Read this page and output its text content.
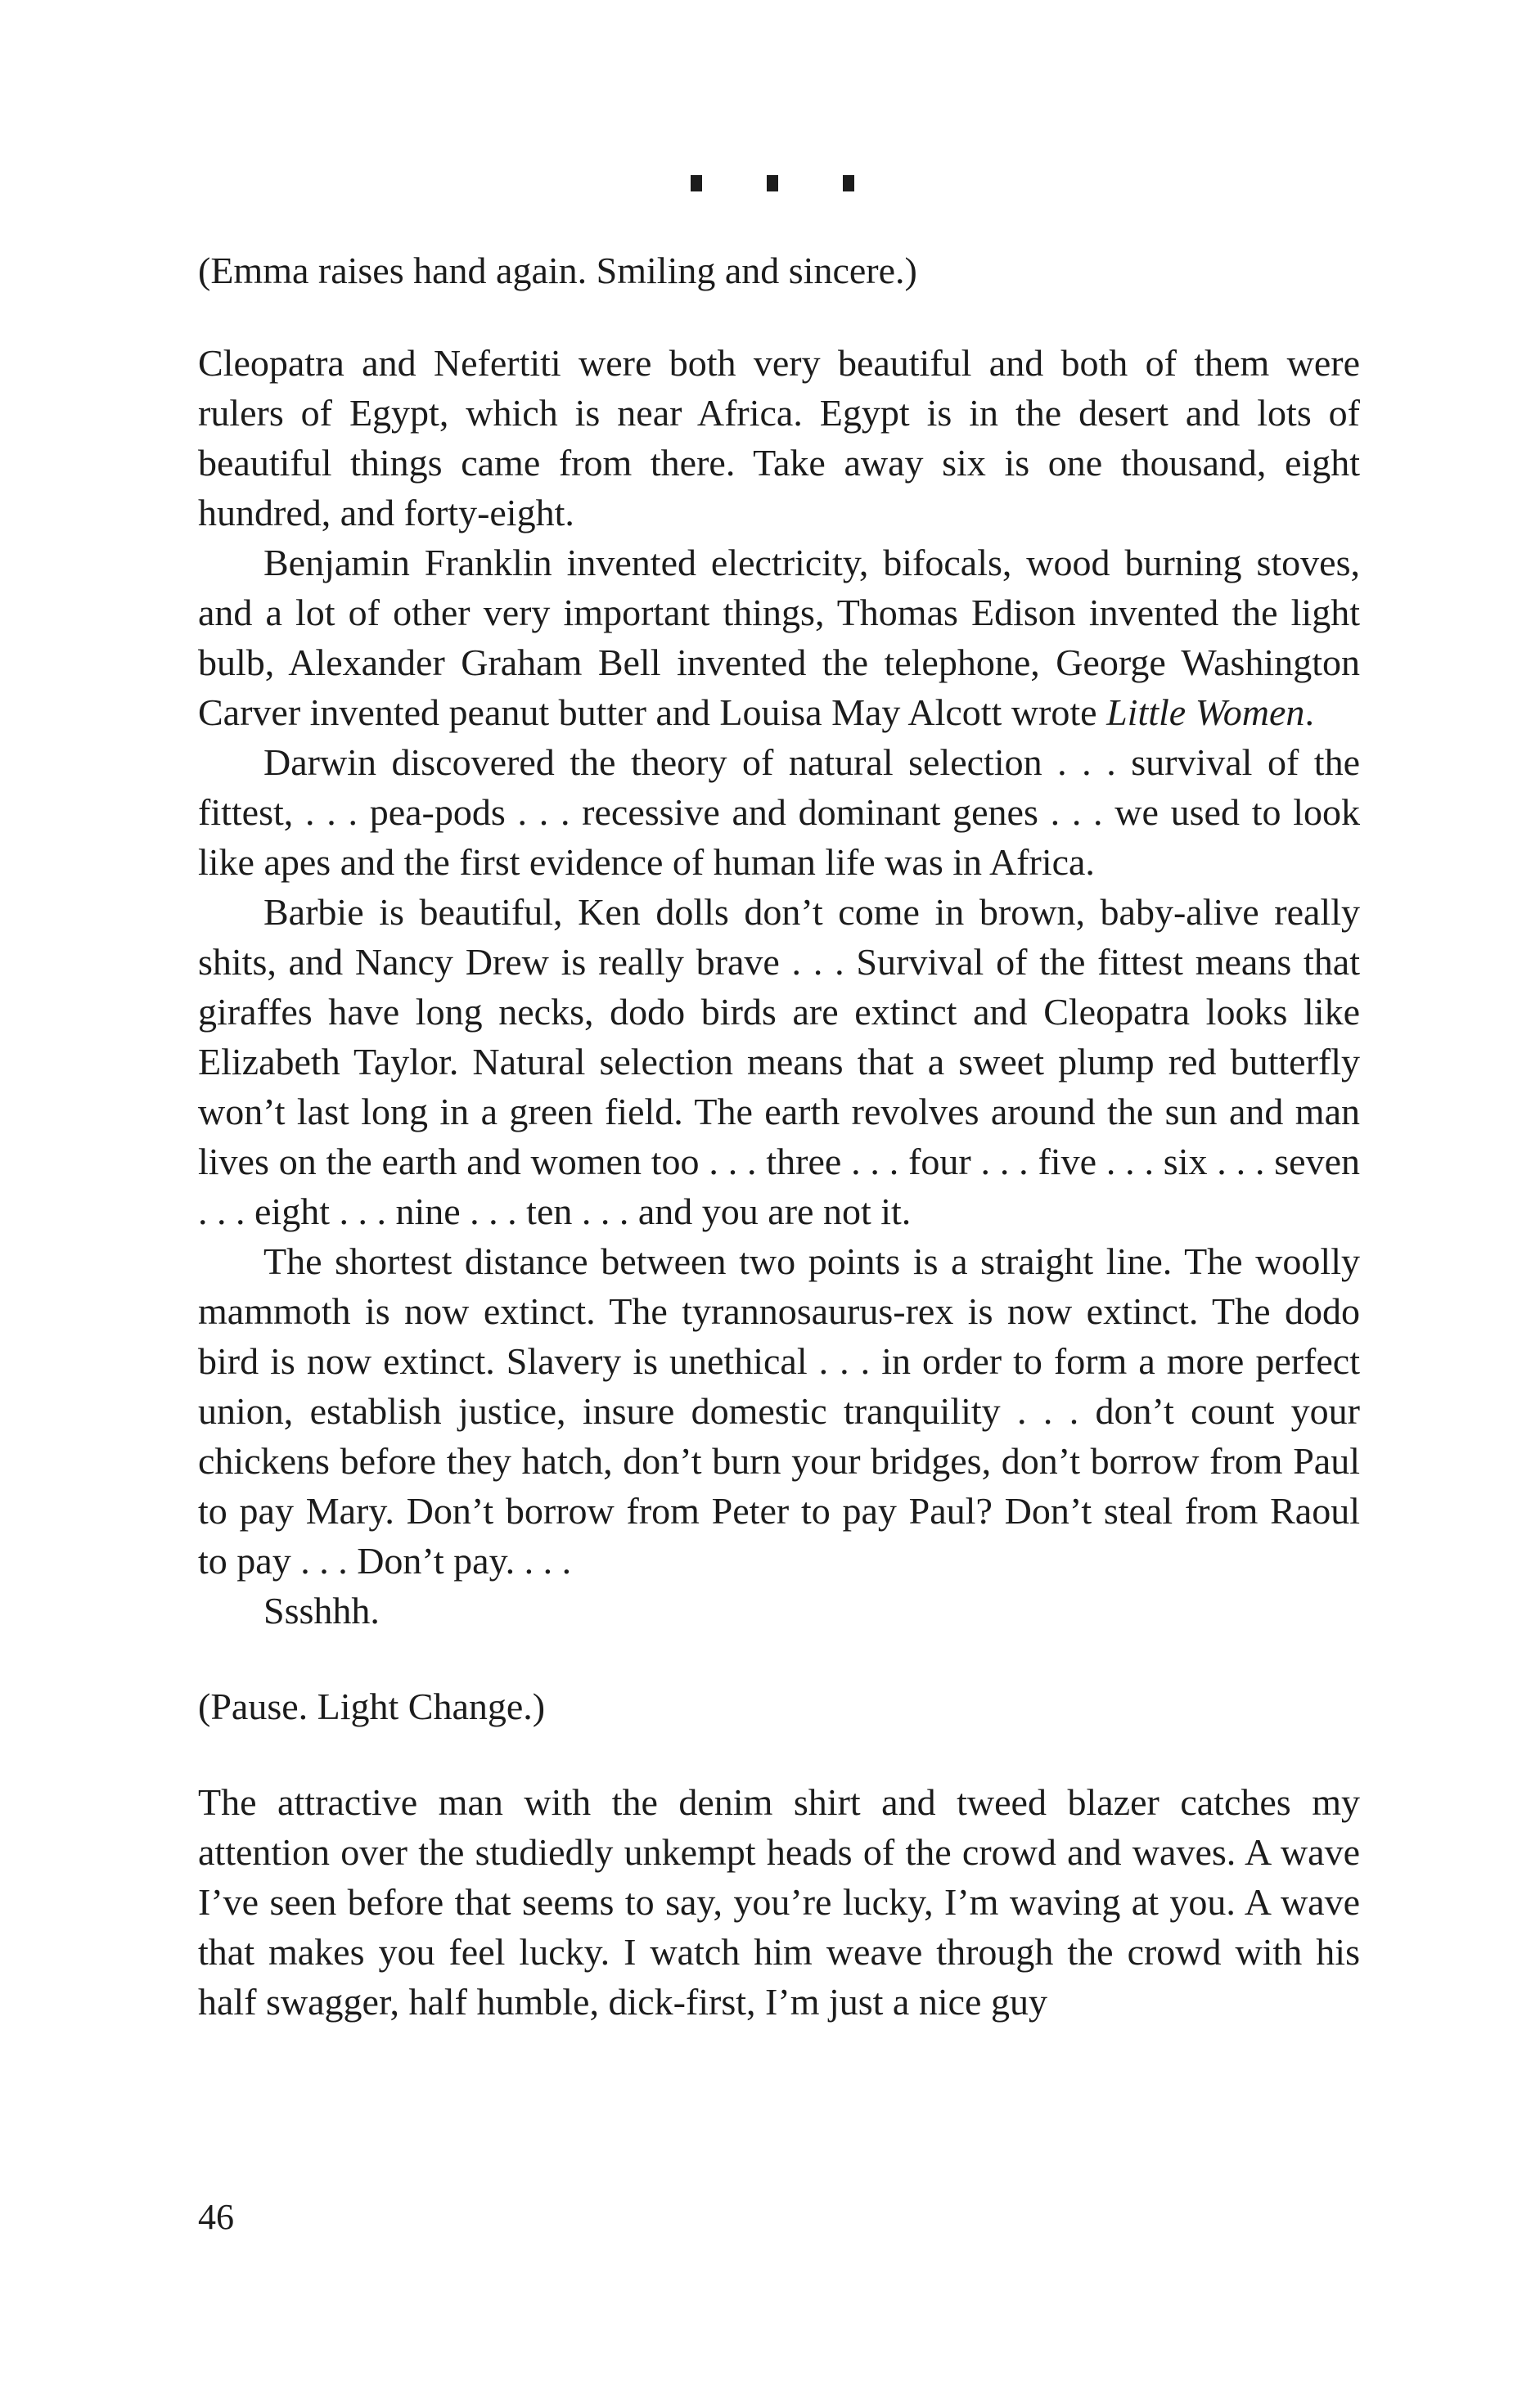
(Emma raises hand again. Smiling and sincere.)

Cleopatra and Nefertiti were both very beautiful and both of them were rulers of Egypt, which is near Africa. Egypt is in the desert and lots of beautiful things came from there. Take away six is one thousand, eight hundred, and forty-eight.

Benjamin Franklin invented electricity, bifocals, wood burning stoves, and a lot of other very important things, Thomas Edison invented the light bulb, Alexander Graham Bell invented the telephone, George Washington Carver invented peanut butter and Louisa May Alcott wrote Little Women.

Darwin discovered the theory of natural selection . . . survival of the fittest, . . . pea-pods . . . recessive and dominant genes . . . we used to look like apes and the first evidence of human life was in Africa.

Barbie is beautiful, Ken dolls don’t come in brown, baby-alive really shits, and Nancy Drew is really brave . . . Survival of the fittest means that giraffes have long necks, dodo birds are extinct and Cleopatra looks like Elizabeth Taylor. Natural selection means that a sweet plump red butterfly won’t last long in a green field. The earth revolves around the sun and man lives on the earth and women too . . . three . . . four . . . five . . . six . . . seven . . . eight . . . nine . . . ten . . . and you are not it.

The shortest distance between two points is a straight line. The woolly mammoth is now extinct. The tyrannosaurus-rex is now extinct. The dodo bird is now extinct. Slavery is unethical . . . in order to form a more perfect union, establish justice, insure domestic tranquility . . . don’t count your chickens before they hatch, don’t burn your bridges, don’t borrow from Paul to pay Mary. Don’t borrow from Peter to pay Paul? Don’t steal from Raoul to pay . . . Don’t pay. . . .

Ssshhh.

(Pause. Light Change.)

The attractive man with the denim shirt and tweed blazer catches my attention over the studiedly unkempt heads of the crowd and waves. A wave I’ve seen before that seems to say, you’re lucky, I’m waving at you. A wave that makes you feel lucky. I watch him weave through the crowd with his half swagger, half humble, dick-first, I’m just a nice guy

46
